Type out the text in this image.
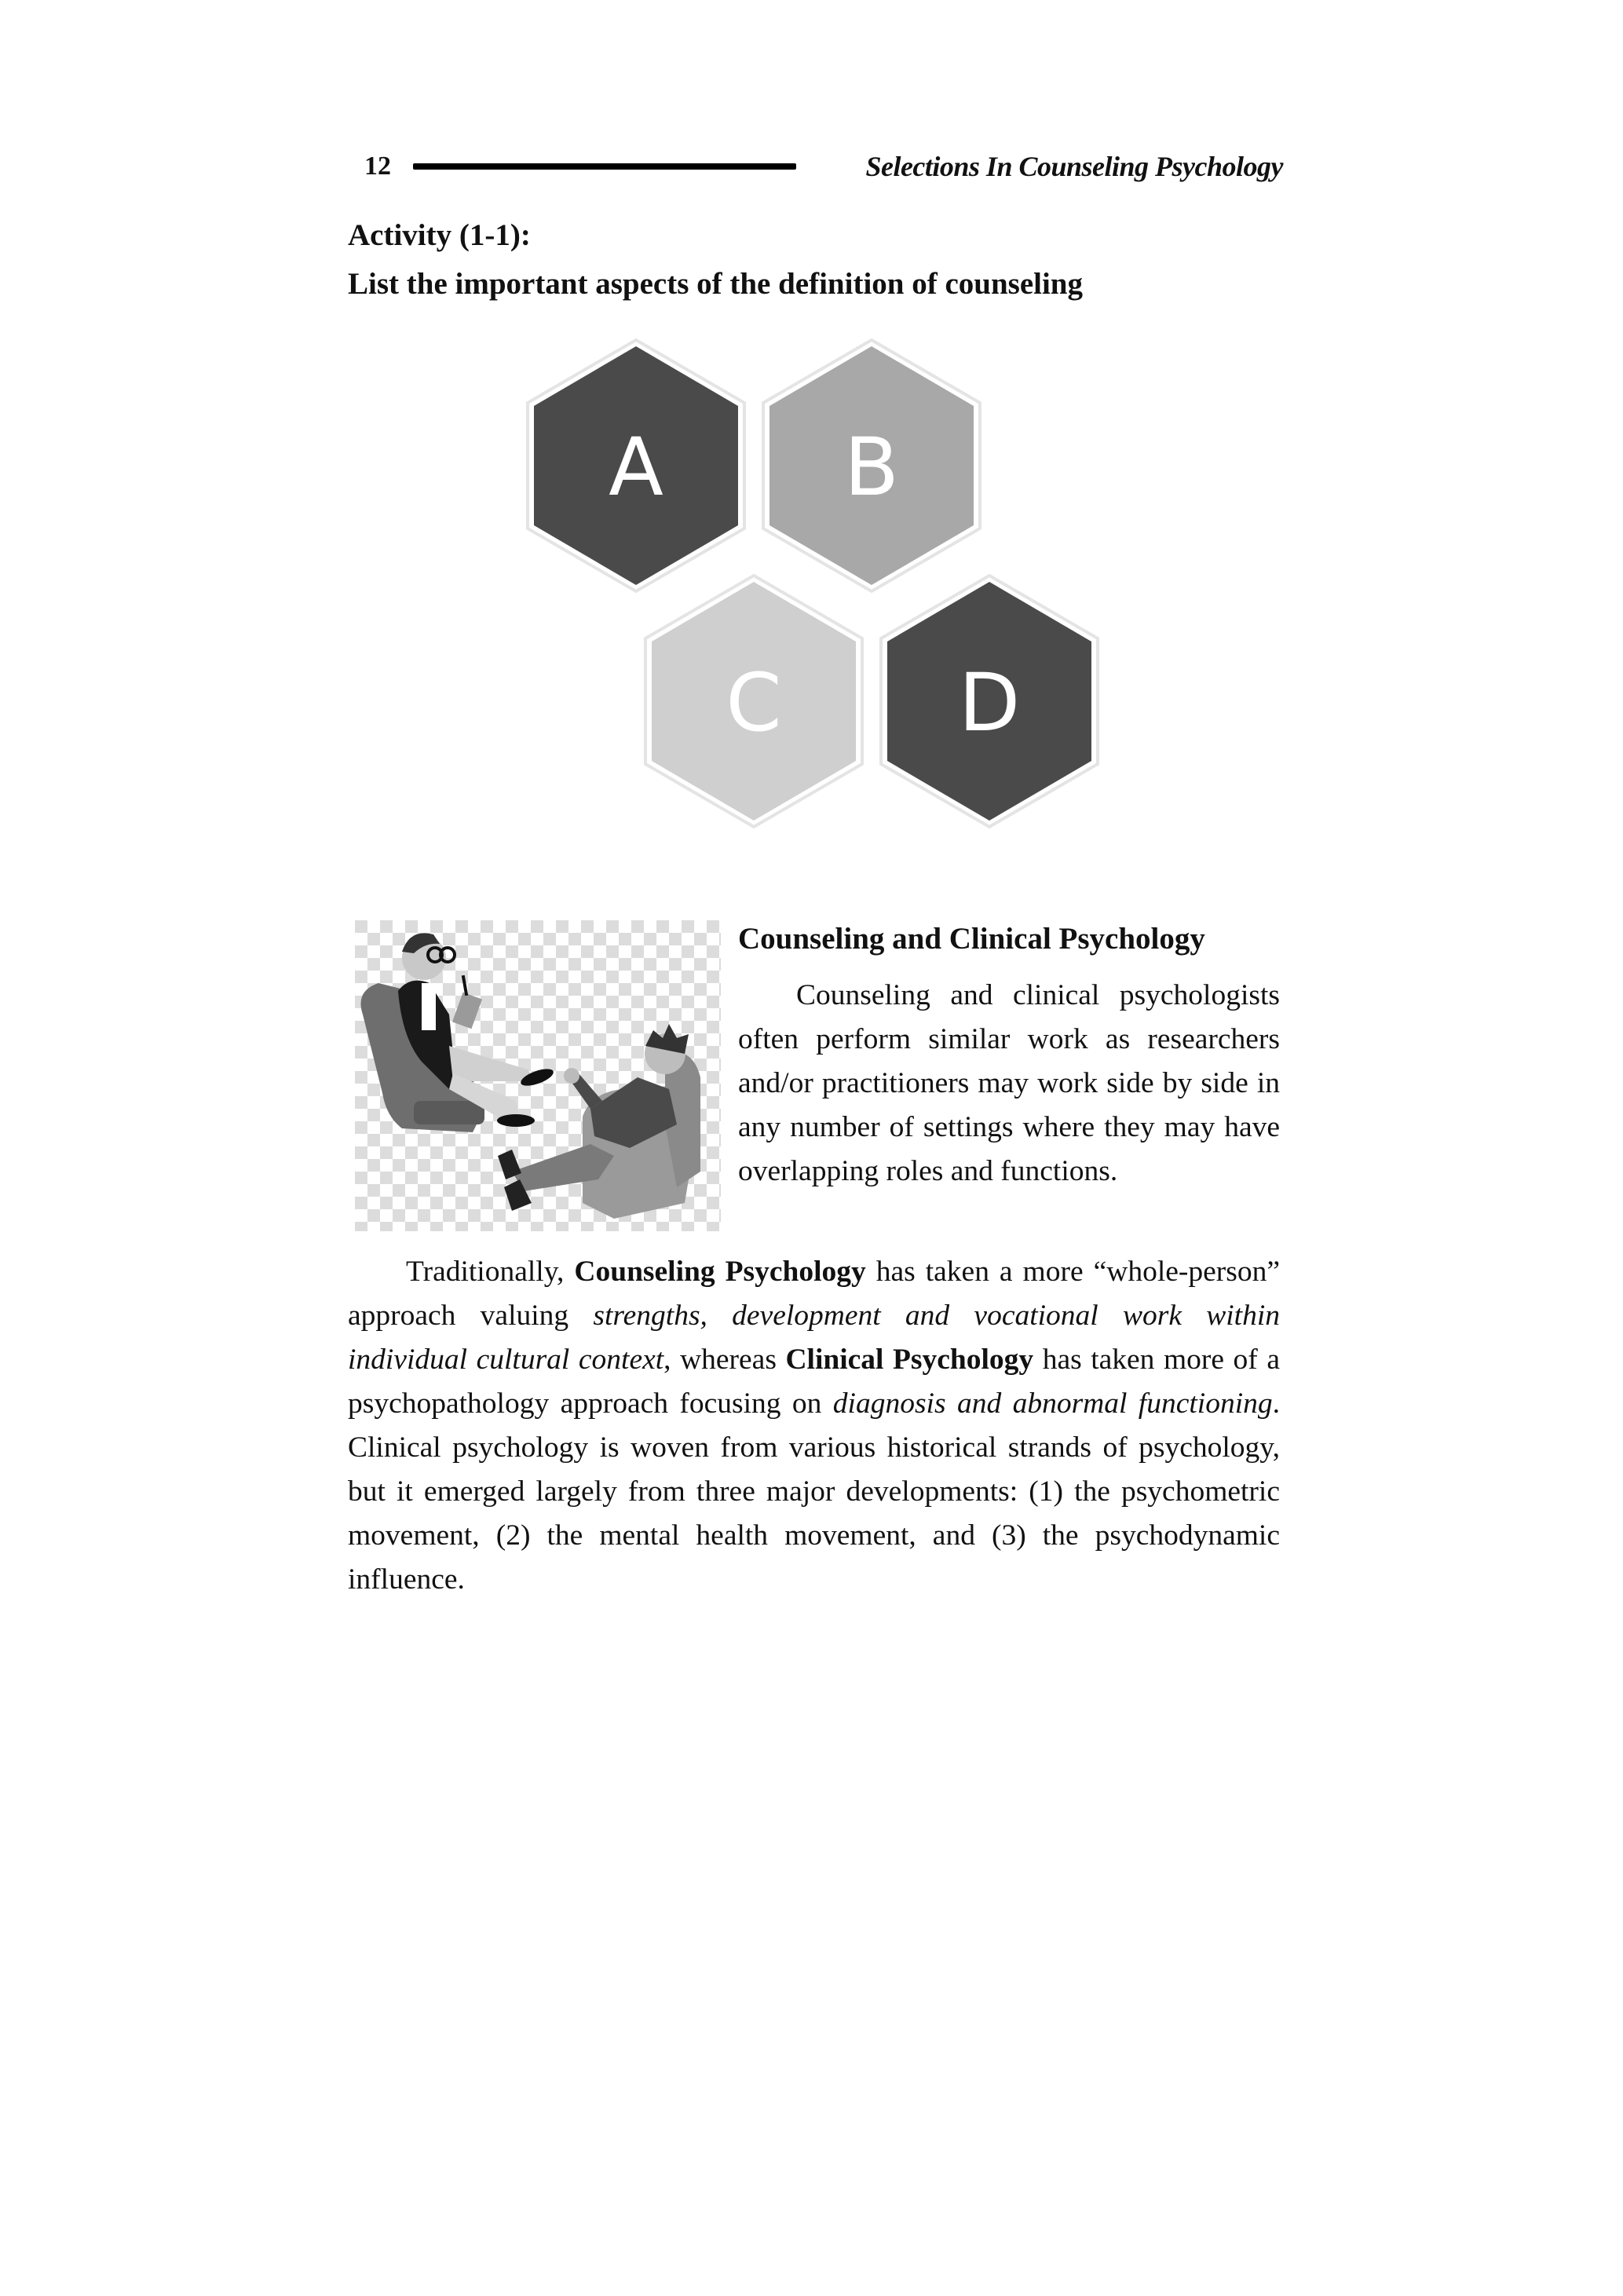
12	Selections In Counseling Psychology

Activity (1-1):

List the important aspects of the definition of counseling

A B
C D

Counseling and Clinical Psychology

Counseling and clinical psychologists often perform similar work as researchers and/or practitioners may work side by side in any number of settings where they may have overlapping roles and functions.

Traditionally, Counseling Psychology has taken a more “whole-person” approach valuing strengths, development and vocational work within individual cultural context, whereas Clinical Psychology has taken more of a psychopathology approach focusing on diagnosis and abnormal functioning. Clinical psychology is woven from various historical strands of psychology, but it emerged largely from three major developments: (1) the psychometric movement, (2) the mental health movement, and (3) the psychodynamic influence.
